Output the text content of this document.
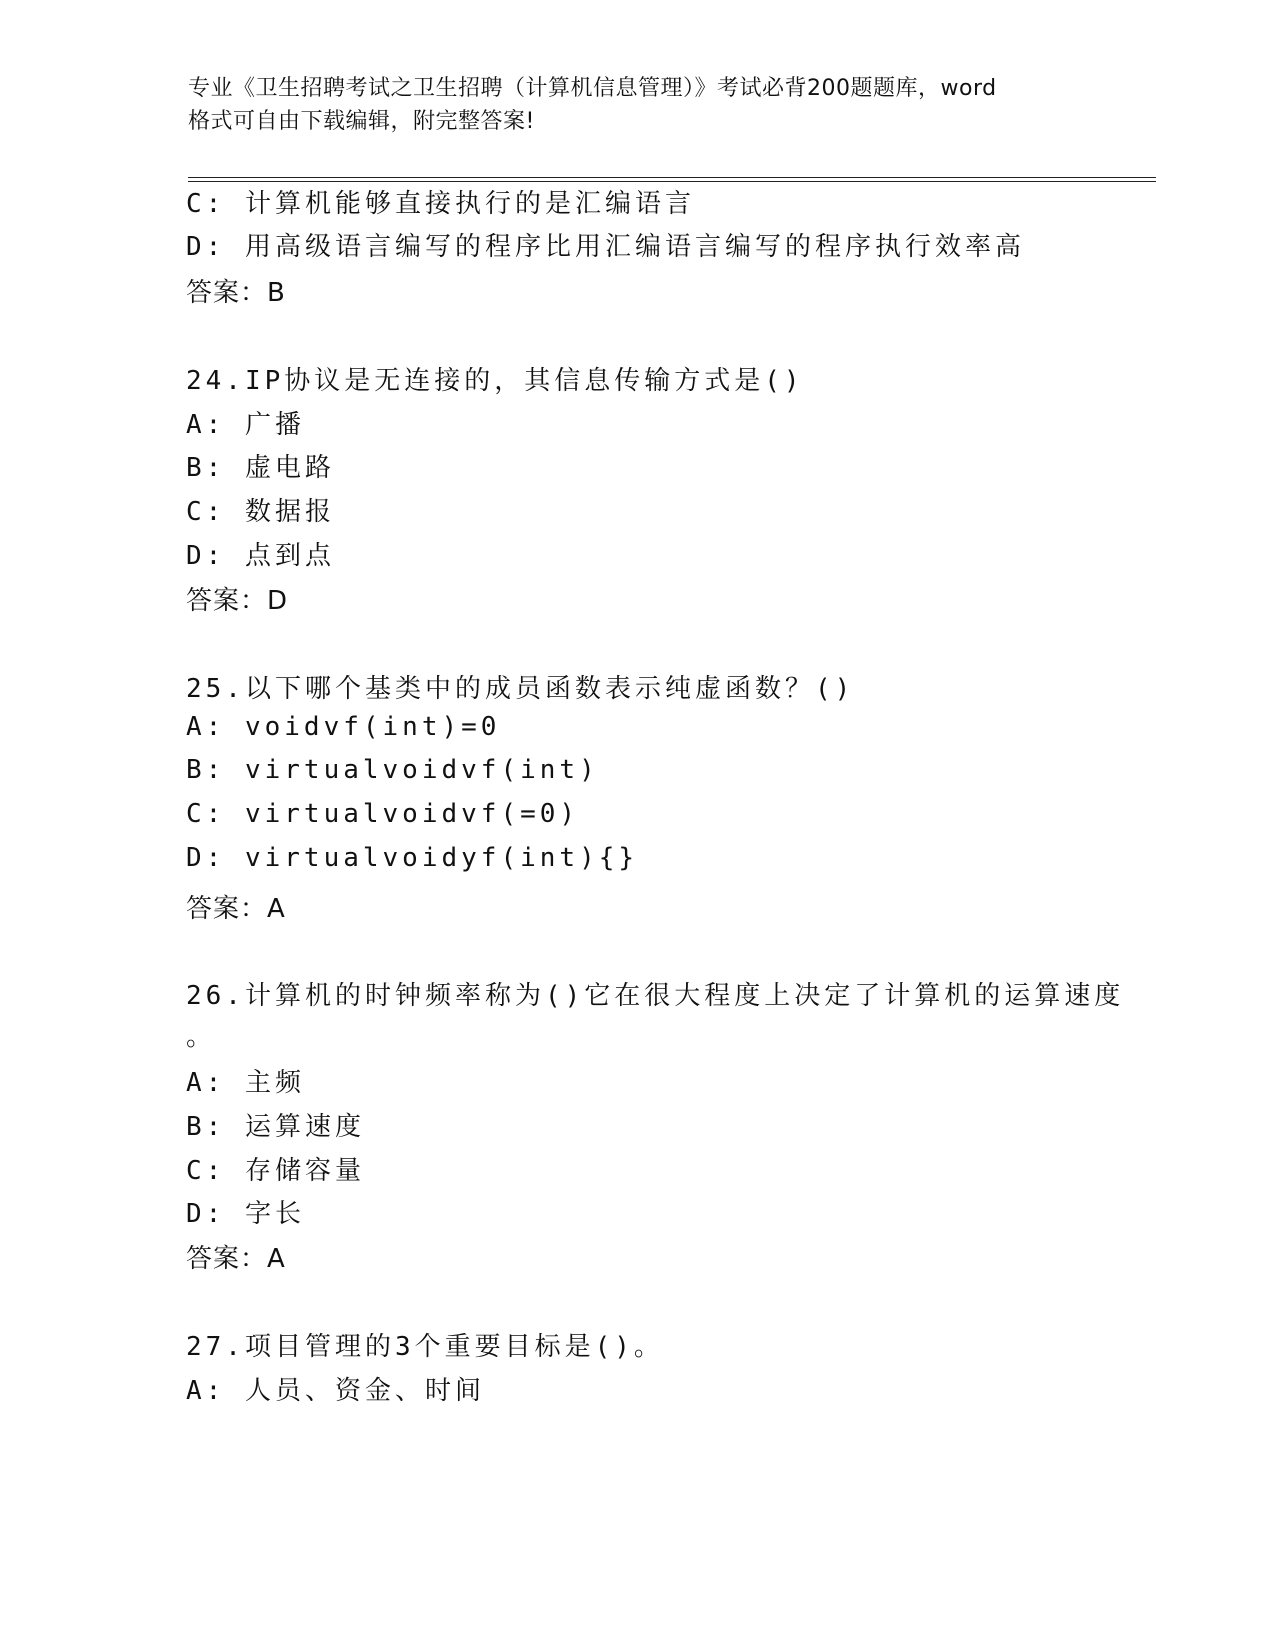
专业《卫生招聘考试之卫生招聘（计算机信息管理）》考试必背200题题库，word
格式可自由下载编辑，附完整答案!
C: 计算机能够直接执行的是汇编语言
D: 用高级语言编写的程序比用汇编语言编写的程序执行效率高
答案：B
24.IP协议是无连接的，其信息传输方式是()
A: 广播
B: 虚电路
C: 数据报
D: 点到点
答案：D
25.以下哪个基类中的成员函数表示纯虚函数？()
A: voidvf(int)=0
B: virtualvoidvf(int)
C: virtualvoidvf(=0)
D: virtualvoidyf(int){}
答案：A
26.计算机的时钟频率称为()它在很大程度上决定了计算机的运算速度
。
A: 主频
B: 运算速度
C: 存储容量
D: 字长
答案：A
27.项目管理的3个重要目标是()。
A: 人员、资金、时间
